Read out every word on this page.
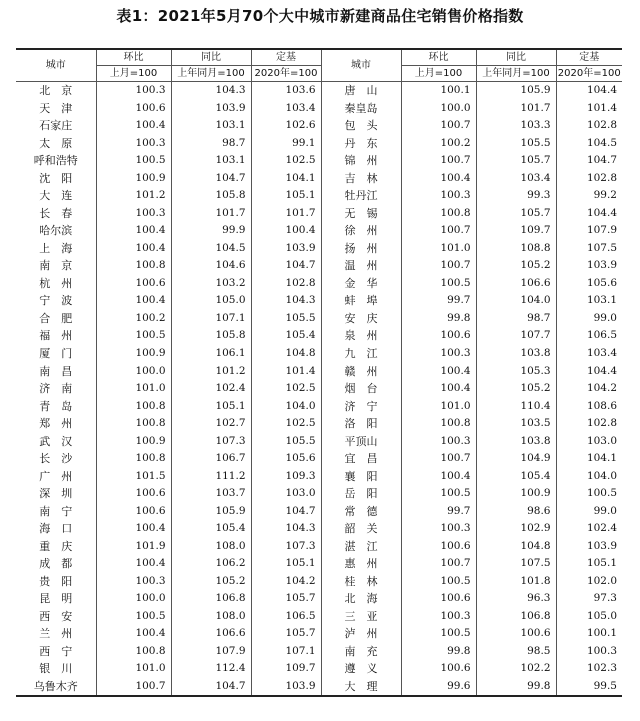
表1：2021年5月70个大中城市新建商品住宅销售价格指数
城市	环比	同比	定基	城市	环比	同比	定基
	上月=100	上年同月=100	2020年=100		上月=100	上年同月=100	2020年=100
北　京	100.3	104.3	103.6	唐　山	100.1	105.9	104.4
天　津	100.6	103.9	103.4	秦皇岛	100.0	101.7	101.4
石家庄	100.4	103.1	102.6	包　头	100.7	103.3	102.8
太　原	100.3	98.7	99.1	丹　东	100.2	105.5	104.5
呼和浩特	100.5	103.1	102.5	锦　州	100.7	105.7	104.7
沈　阳	100.9	104.7	104.1	吉　林	100.4	103.4	102.8
大　连	101.2	105.8	105.1	牡丹江	100.3	99.3	99.2
长　春	100.3	101.7	101.7	无　锡	100.8	105.7	104.4
哈尔滨	100.4	99.9	100.4	徐　州	100.7	109.7	107.9
上　海	100.4	104.5	103.9	扬　州	101.0	108.8	107.5
南　京	100.8	104.6	104.7	温　州	100.7	105.2	103.9
杭　州	100.6	103.2	102.8	金　华	100.5	106.6	105.6
宁　波	100.4	105.0	104.3	蚌　埠	99.7	104.0	103.1
合　肥	100.2	107.1	105.5	安　庆	99.8	98.7	99.0
福　州	100.5	105.8	105.4	泉　州	100.6	107.7	106.5
厦　门	100.9	106.1	104.8	九　江	100.3	103.8	103.4
南　昌	100.0	101.2	101.4	赣　州	100.4	105.3	104.4
济　南	101.0	102.4	102.5	烟　台	100.4	105.2	104.2
青　岛	100.8	105.1	104.0	济　宁	101.0	110.4	108.6
郑　州	100.8	102.7	102.5	洛　阳	100.8	103.5	102.8
武　汉	100.9	107.3	105.5	平顶山	100.3	103.8	103.0
长　沙	100.8	106.7	105.6	宜　昌	100.7	104.9	104.1
广　州	101.5	111.2	109.3	襄　阳	100.4	105.4	104.0
深　圳	100.6	103.7	103.0	岳　阳	100.5	100.9	100.5
南　宁	100.6	105.9	104.7	常　德	99.7	98.6	99.0
海　口	100.4	105.4	104.3	韶　关	100.3	102.9	102.4
重　庆	101.9	108.0	107.3	湛　江	100.6	104.8	103.9
成　都	100.4	106.2	105.1	惠　州	100.7	107.5	105.1
贵　阳	100.3	105.2	104.2	桂　林	100.5	101.8	102.0
昆　明	100.0	106.8	105.7	北　海	100.6	96.3	97.3
西　安	100.5	108.0	106.5	三　亚	100.3	106.8	105.0
兰　州	100.4	106.6	105.7	泸　州	100.5	100.6	100.1
西　宁	100.8	107.9	107.1	南　充	99.8	98.5	100.3
银　川	101.0	112.4	109.7	遵　义	100.6	102.2	102.3
乌鲁木齐	100.7	104.7	103.9	大　理	99.6	99.8	99.5
